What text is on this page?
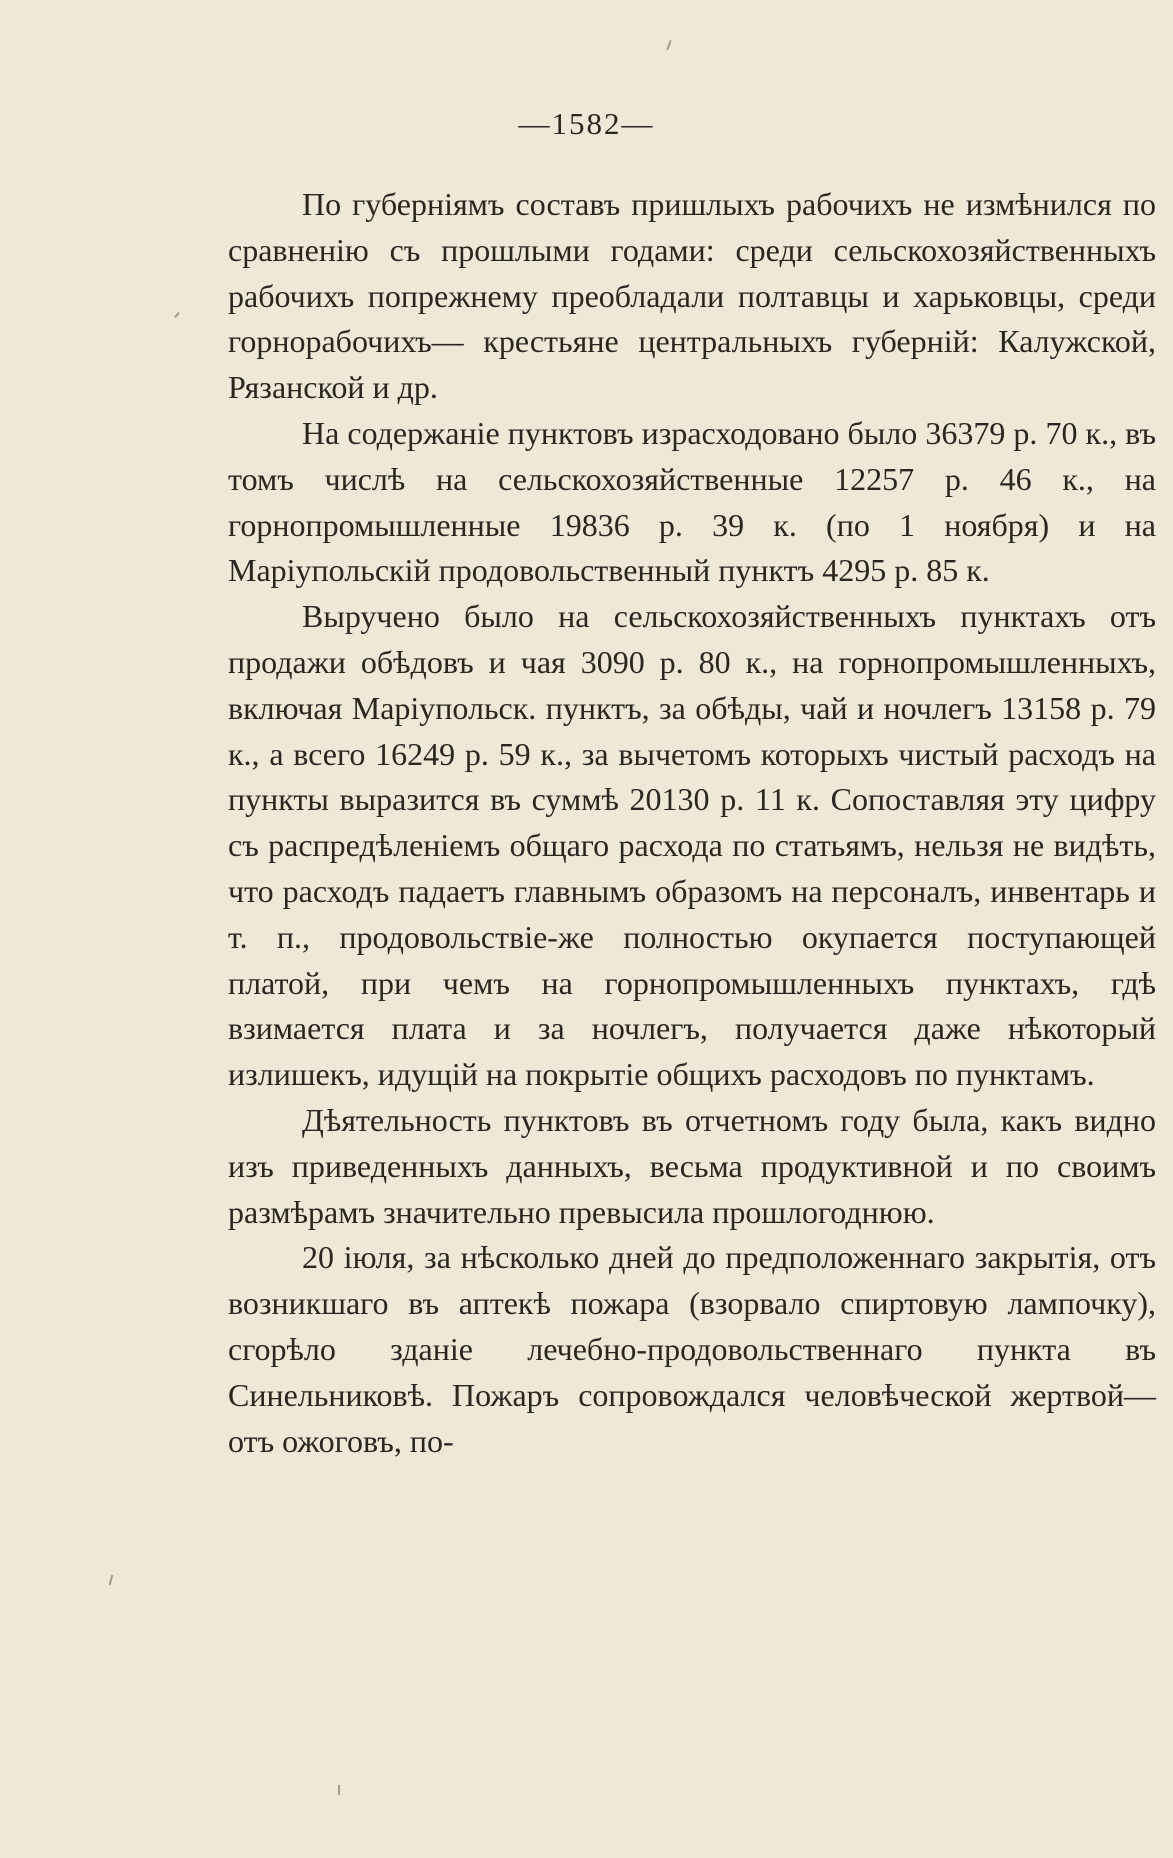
—1582—

По губерніямъ составъ пришлыхъ рабочихъ не измѣнился по сравненію съ прошлыми годами: среди сельскохозяйственныхъ рабочихъ попрежнему преобладали полтавцы и харьковцы, среди горнорабочихъ— крестьяне центральныхъ губерній: Калужской, Рязанской и др.

На содержаніе пунктовъ израсходовано было 36379 р. 70 к., въ томъ числѣ на сельскохозяйственные 12257 р. 46 к., на горнопромышленные 19836 р. 39 к. (по 1 ноября) и на Маріупольскій продовольственный пунктъ 4295 р. 85 к.

Выручено было на сельскохозяйственныхъ пунктахъ отъ продажи обѣдовъ и чая 3090 р. 80 к., на горнопромышленныхъ, включая Маріупольск. пунктъ, за обѣды, чай и ночлегъ 13158 р. 79 к., а всего 16249 р. 59 к., за вычетомъ которыхъ чистый расходъ на пункты выразится въ суммѣ 20130 р. 11 к. Сопоставляя эту цифру съ распредѣленіемъ общаго расхода по статьямъ, нельзя не видѣть, что расходъ падаетъ главнымъ образомъ на персоналъ, инвентарь и т. п., продовольствіе-же полностью окупается поступающей платой, при чемъ на горнопромышленныхъ пунктахъ, гдѣ взимается плата и за ночлегъ, получается даже нѣкоторый излишекъ, идущій на покрытіе общихъ расходовъ по пунктамъ.

Дѣятельность пунктовъ въ отчетномъ году была, какъ видно изъ приведенныхъ данныхъ, весьма продуктивной и по своимъ размѣрамъ значительно превысила прошлогоднюю.

20 іюля, за нѣсколько дней до предположеннаго закрытія, отъ возникшаго въ аптекѣ пожара (взорвало спиртовую лампочку), сгорѣло зданіе лечебно-продовольственнаго пункта въ Синельниковѣ. Пожаръ сопровождался человѣческой жертвой—отъ ожоговъ, по-
